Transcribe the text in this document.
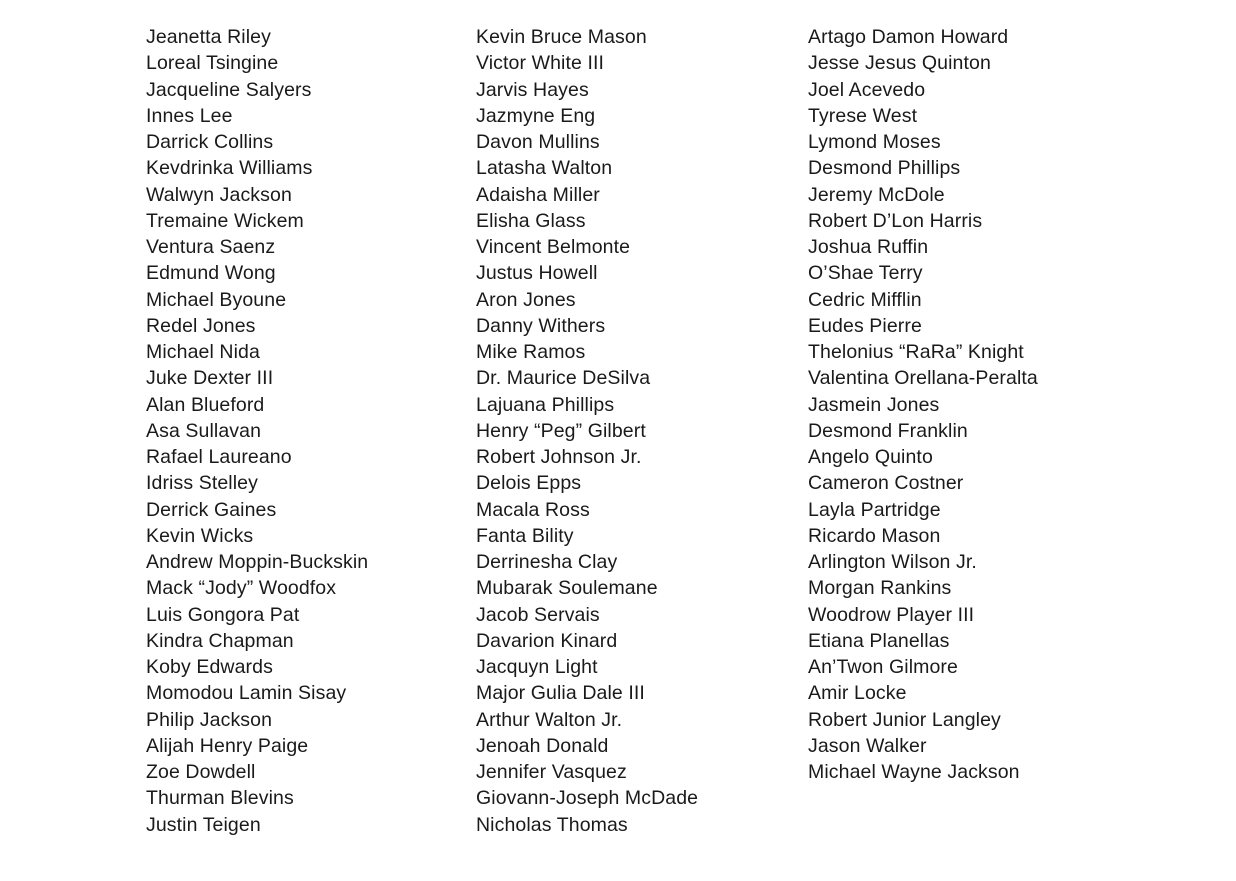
Jeanetta Riley
Loreal Tsingine
Jacqueline Salyers
Innes Lee
Darrick Collins
Kevdrinka Williams
Walwyn Jackson
Tremaine Wickem
Ventura Saenz
Edmund Wong
Michael Byoune
Redel Jones
Michael Nida
Juke Dexter III
Alan Blueford
Asa Sullavan
Rafael Laureano
Idriss Stelley
Derrick Gaines
Kevin Wicks
Andrew Moppin-Buckskin
Mack “Jody” Woodfox
Luis Gongora Pat
Kindra Chapman
Koby Edwards
Momodou Lamin Sisay
Philip Jackson
Alijah Henry Paige
Zoe Dowdell
Thurman Blevins
Justin Teigen
Kevin Bruce Mason
Victor White III
Jarvis Hayes
Jazmyne Eng
Davon Mullins
Latasha Walton
Adaisha Miller
Elisha Glass
Vincent Belmonte
Justus Howell
Aron Jones
Danny Withers
Mike Ramos
Dr. Maurice DeSilva
Lajuana Phillips
Henry “Peg” Gilbert
Robert Johnson Jr.
Delois Epps
Macala Ross
Fanta Bility
Derrinesha Clay
Mubarak Soulemane
Jacob Servais
Davarion Kinard
Jacquyn Light
Major Gulia Dale III
Arthur Walton Jr.
Jenoah Donald
Jennifer Vasquez
Giovann-Joseph McDade
Nicholas Thomas
Artago Damon Howard
Jesse Jesus Quinton
Joel Acevedo
Tyrese West
Lymond Moses
Desmond Phillips
Jeremy McDole
Robert D’Lon Harris
Joshua Ruffin
O’Shae Terry
Cedric Mifflin
Eudes Pierre
Thelonius “RaRa” Knight
Valentina Orellana-Peralta
Jasmein Jones
Desmond Franklin
Angelo Quinto
Cameron Costner
Layla Partridge
Ricardo Mason
Arlington Wilson Jr.
Morgan Rankins
Woodrow Player III
Etiana Planellas
An’Twon Gilmore
Amir Locke
Robert Junior Langley
Jason Walker
Michael Wayne Jackson
